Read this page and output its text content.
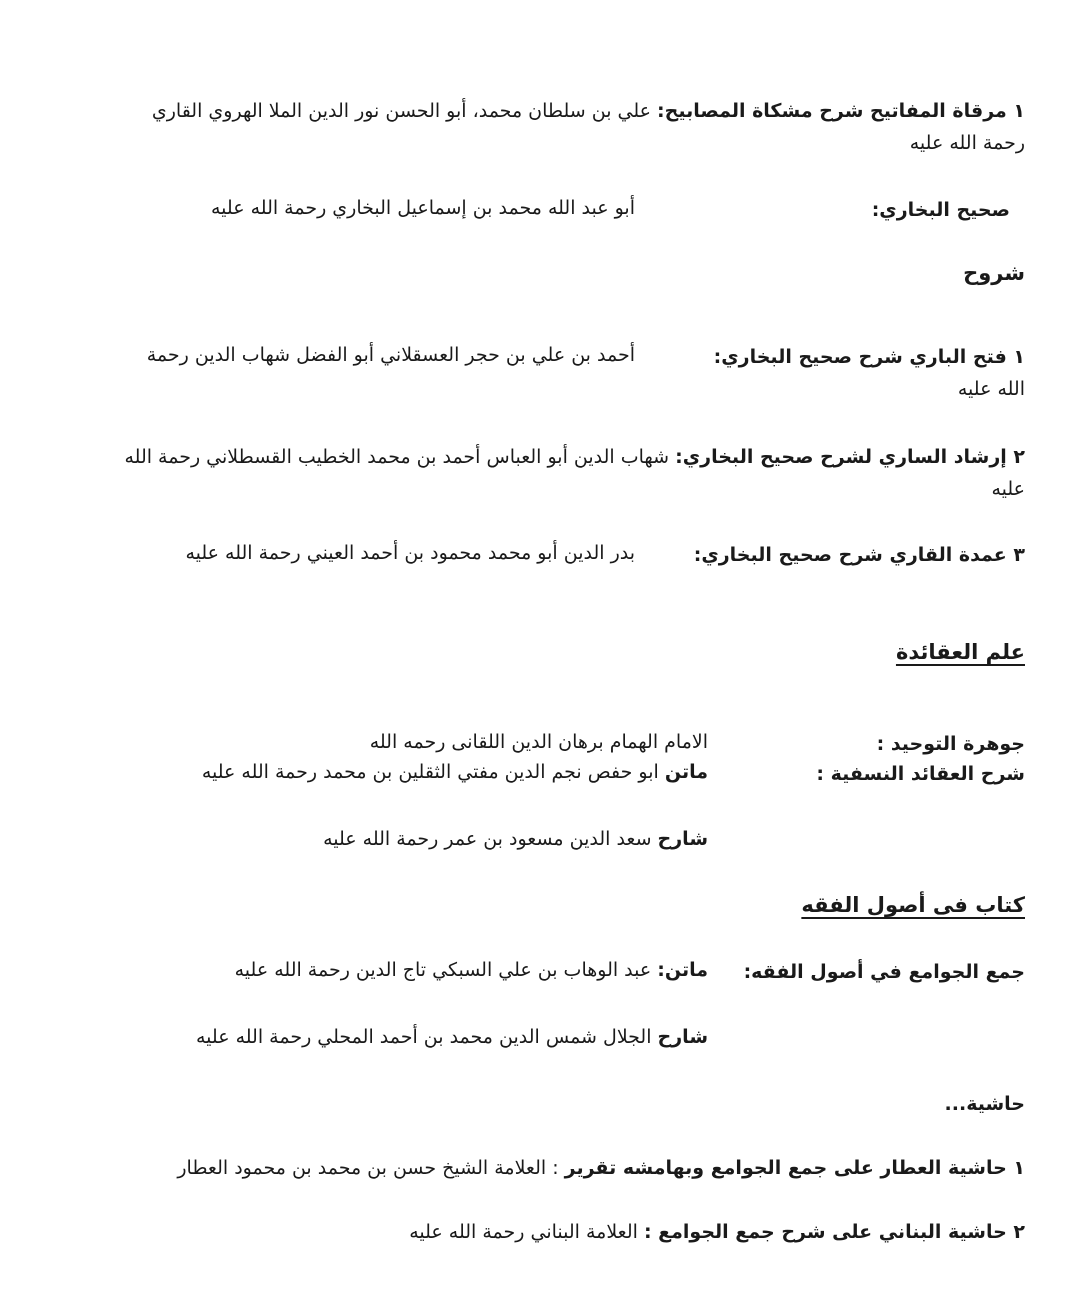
١ مرقاة المفاتيح شرح مشكاة المصابيح: علي بن سلطان محمد، أبو الحسن نور الدين الملا الهروي القاري
رحمة الله عليه
صحيح البخاري:
أبو عبد الله محمد بن إسماعيل البخاري رحمة الله عليه
شروح
١ فتح الباري شرح صحيح البخاري:
أحمد بن علي بن حجر العسقلاني أبو الفضل شهاب الدين رحمة
الله عليه
٢ إرشاد الساري لشرح صحيح البخاري: شهاب الدين أبو العباس أحمد بن محمد الخطيب القسطلاني رحمة الله
عليه
٣ عمدة القاري شرح صحيح البخاري:
بدر الدين أبو محمد محمود بن أحمد العيني رحمة الله عليه
علم العقائدة
جوهرة التوحيد :
الامام الهمام برهان الدين اللقانى رحمه الله
شرح العقائد النسفية :
ماتن ابو حفص نجم الدين مفتي الثقلين بن محمد رحمة الله عليه
شارح سعد الدين مسعود بن عمر رحمة الله عليه
كتاب فى أصول الفقه
جمع الجوامع في أصول الفقه:
ماتن: عبد الوهاب بن علي السبكي تاج الدين رحمة الله عليه
شارح الجلال شمس الدين محمد بن أحمد المحلي رحمة الله عليه
حاشية...
١ حاشية العطار على جمع الجوامع وبهامشه تقرير : العلامة الشيخ حسن بن محمد بن محمود العطار
٢ حاشية البناني على شرح جمع الجوامع : العلامة البناني رحمة الله عليه
